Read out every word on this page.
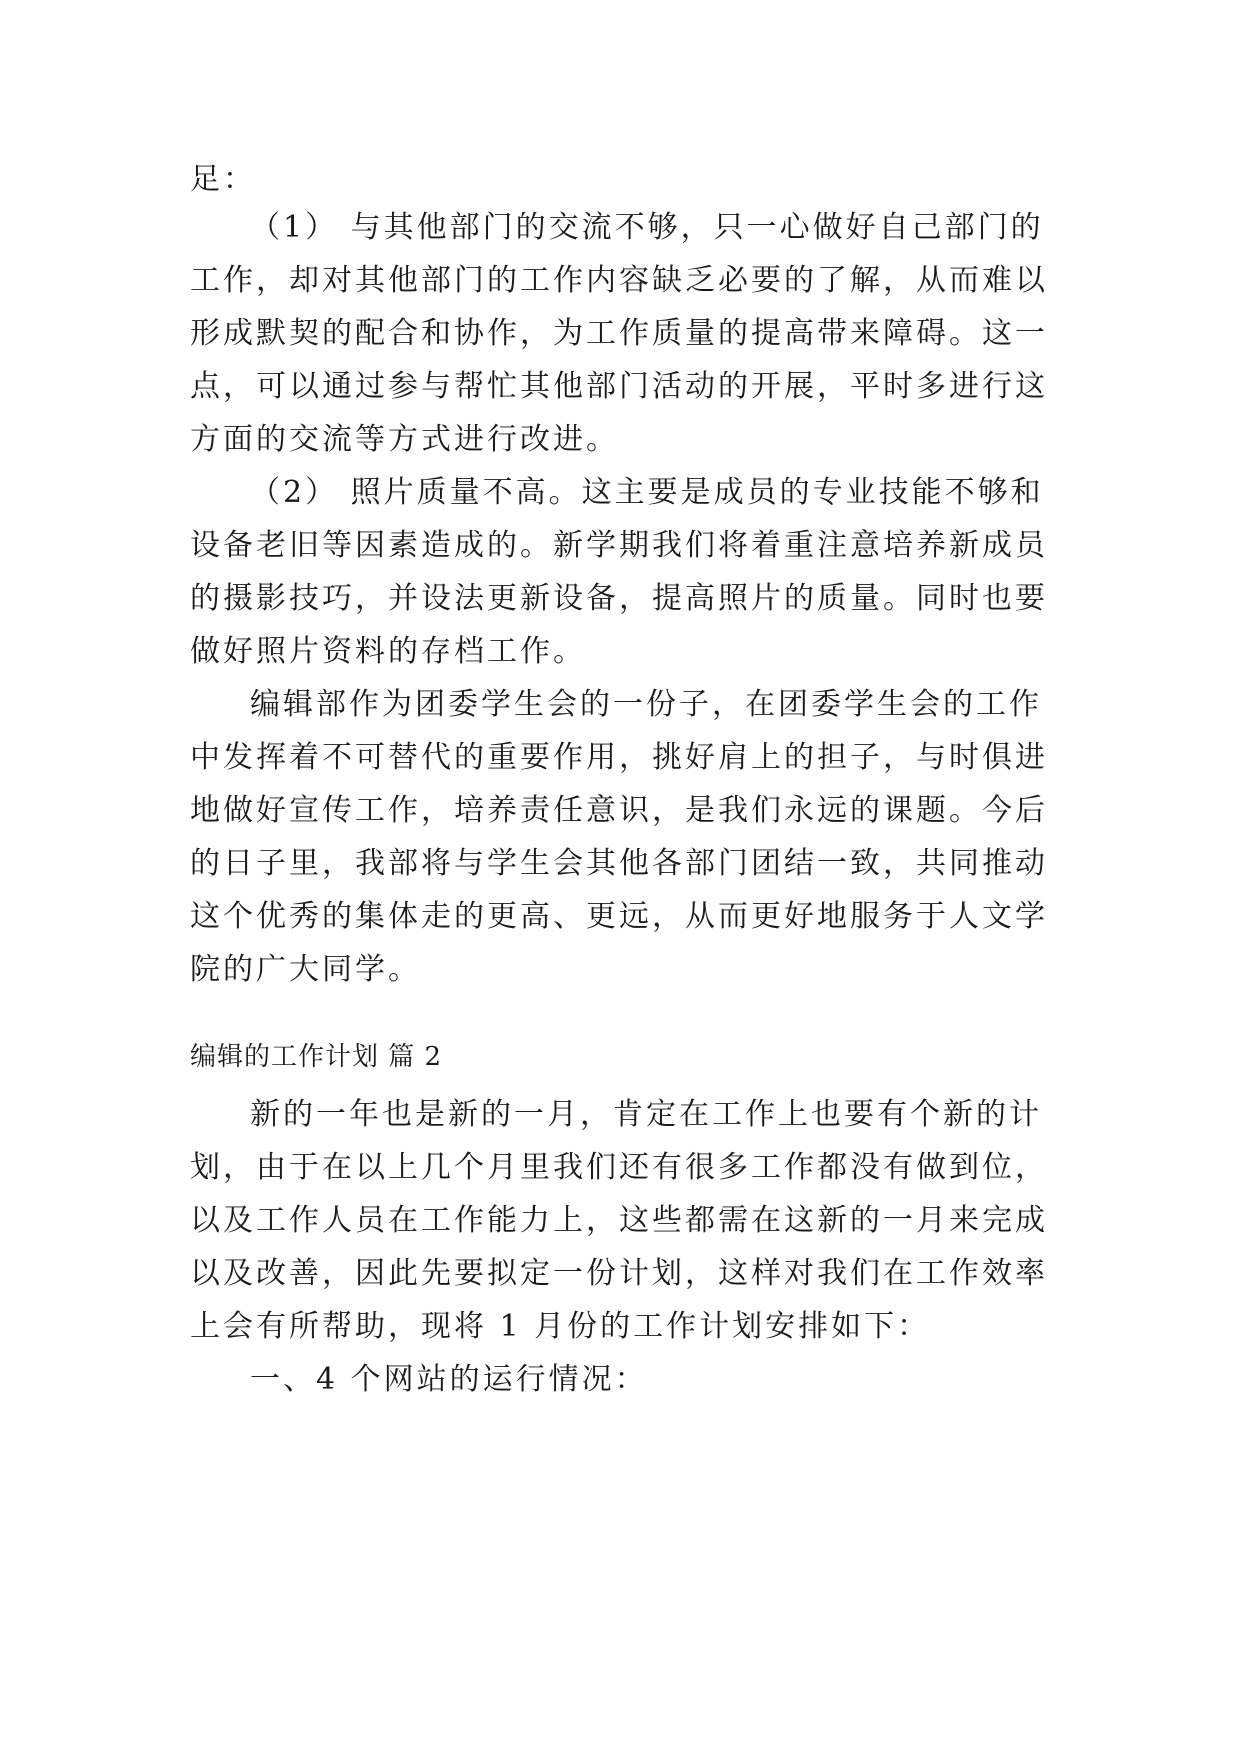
足：
（1） 与其他部门的交流不够，只一心做好自己部门的
工作，却对其他部门的工作内容缺乏必要的了解，从而难以
形成默契的配合和协作，为工作质量的提高带来障碍。这一
点，可以通过参与帮忙其他部门活动的开展，平时多进行这
方面的交流等方式进行改进。
（2） 照片质量不高。这主要是成员的专业技能不够和
设备老旧等因素造成的。新学期我们将着重注意培养新成员
的摄影技巧，并设法更新设备，提高照片的质量。同时也要
做好照片资料的存档工作。
编辑部作为团委学生会的一份子，在团委学生会的工作
中发挥着不可替代的重要作用，挑好肩上的担子，与时俱进
地做好宣传工作，培养责任意识，是我们永远的课题。今后
的日子里，我部将与学生会其他各部门团结一致，共同推动
这个优秀的集体走的更高、更远，从而更好地服务于人文学
院的广大同学。
编辑的工作计划 篇 2
新的一年也是新的一月，肯定在工作上也要有个新的计
划，由于在以上几个月里我们还有很多工作都没有做到位，
以及工作人员在工作能力上，这些都需在这新的一月来完成
以及改善，因此先要拟定一份计划，这样对我们在工作效率
上会有所帮助，现将 1 月份的工作计划安排如下：
一、4 个网站的运行情况：
